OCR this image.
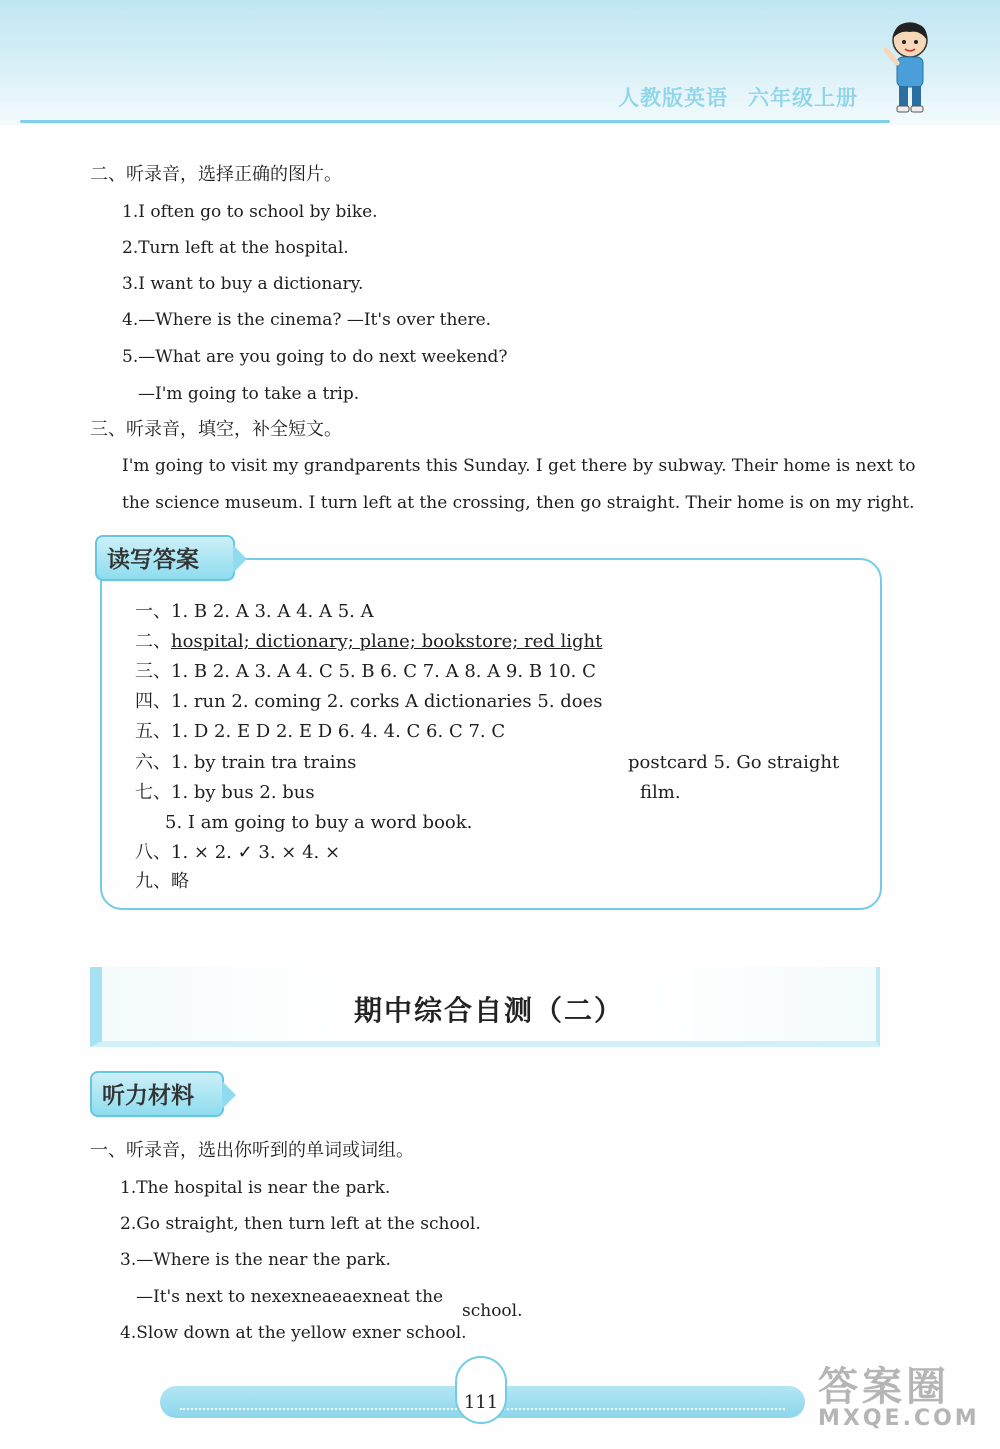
人教版英语 六年级上册
二、听录音，选择正确的图片。
1.I often go to school by bike.
2.Turn left at the hospital.
3.I want to buy a dictionary.
4.—Where is the cinema? —It's over there.
5.—What are you going to do next weekend?
—I'm going to take a trip.
三、听录音，填空，补全短文。
I'm going to visit my grandparents this Sunday. I get there by subway. Their home is next to
the science museum. I turn left at the crossing, then go straight. Their home is on my right.
读写答案
一、1. B 2. A 3. A 4. A 5. A
二、hospital; dictionary; plane; bookstore; red light
三、1. B 2. A 3. A 4. C 5. B 6. C 7. A 8. A 9. B 10. C
四、1. run 2. coming 2. corks A dictionaries 5. does
五、1. D 2. E D 2. E D 6. 4. 4. C 6. C 7. C
六、1. by train tra trains	postcard 5. Go straight
七、1. by bus 2. bus	film.
5. I am going to buy a word book.
八、1. × 2. ✓ 3. × 4. ×
九、略
期中综合自测（二）
听力材料
一、听录音，选出你听到的单词或词组。
1.The hospital is near the park.
2.Go straight, then turn left at the school.
3.—Where is the near the park.
—It's next to nexexneaeaexneat the
school.
4.Slow down at the yellow exner school.
111	答案圈
MXQE.COM
